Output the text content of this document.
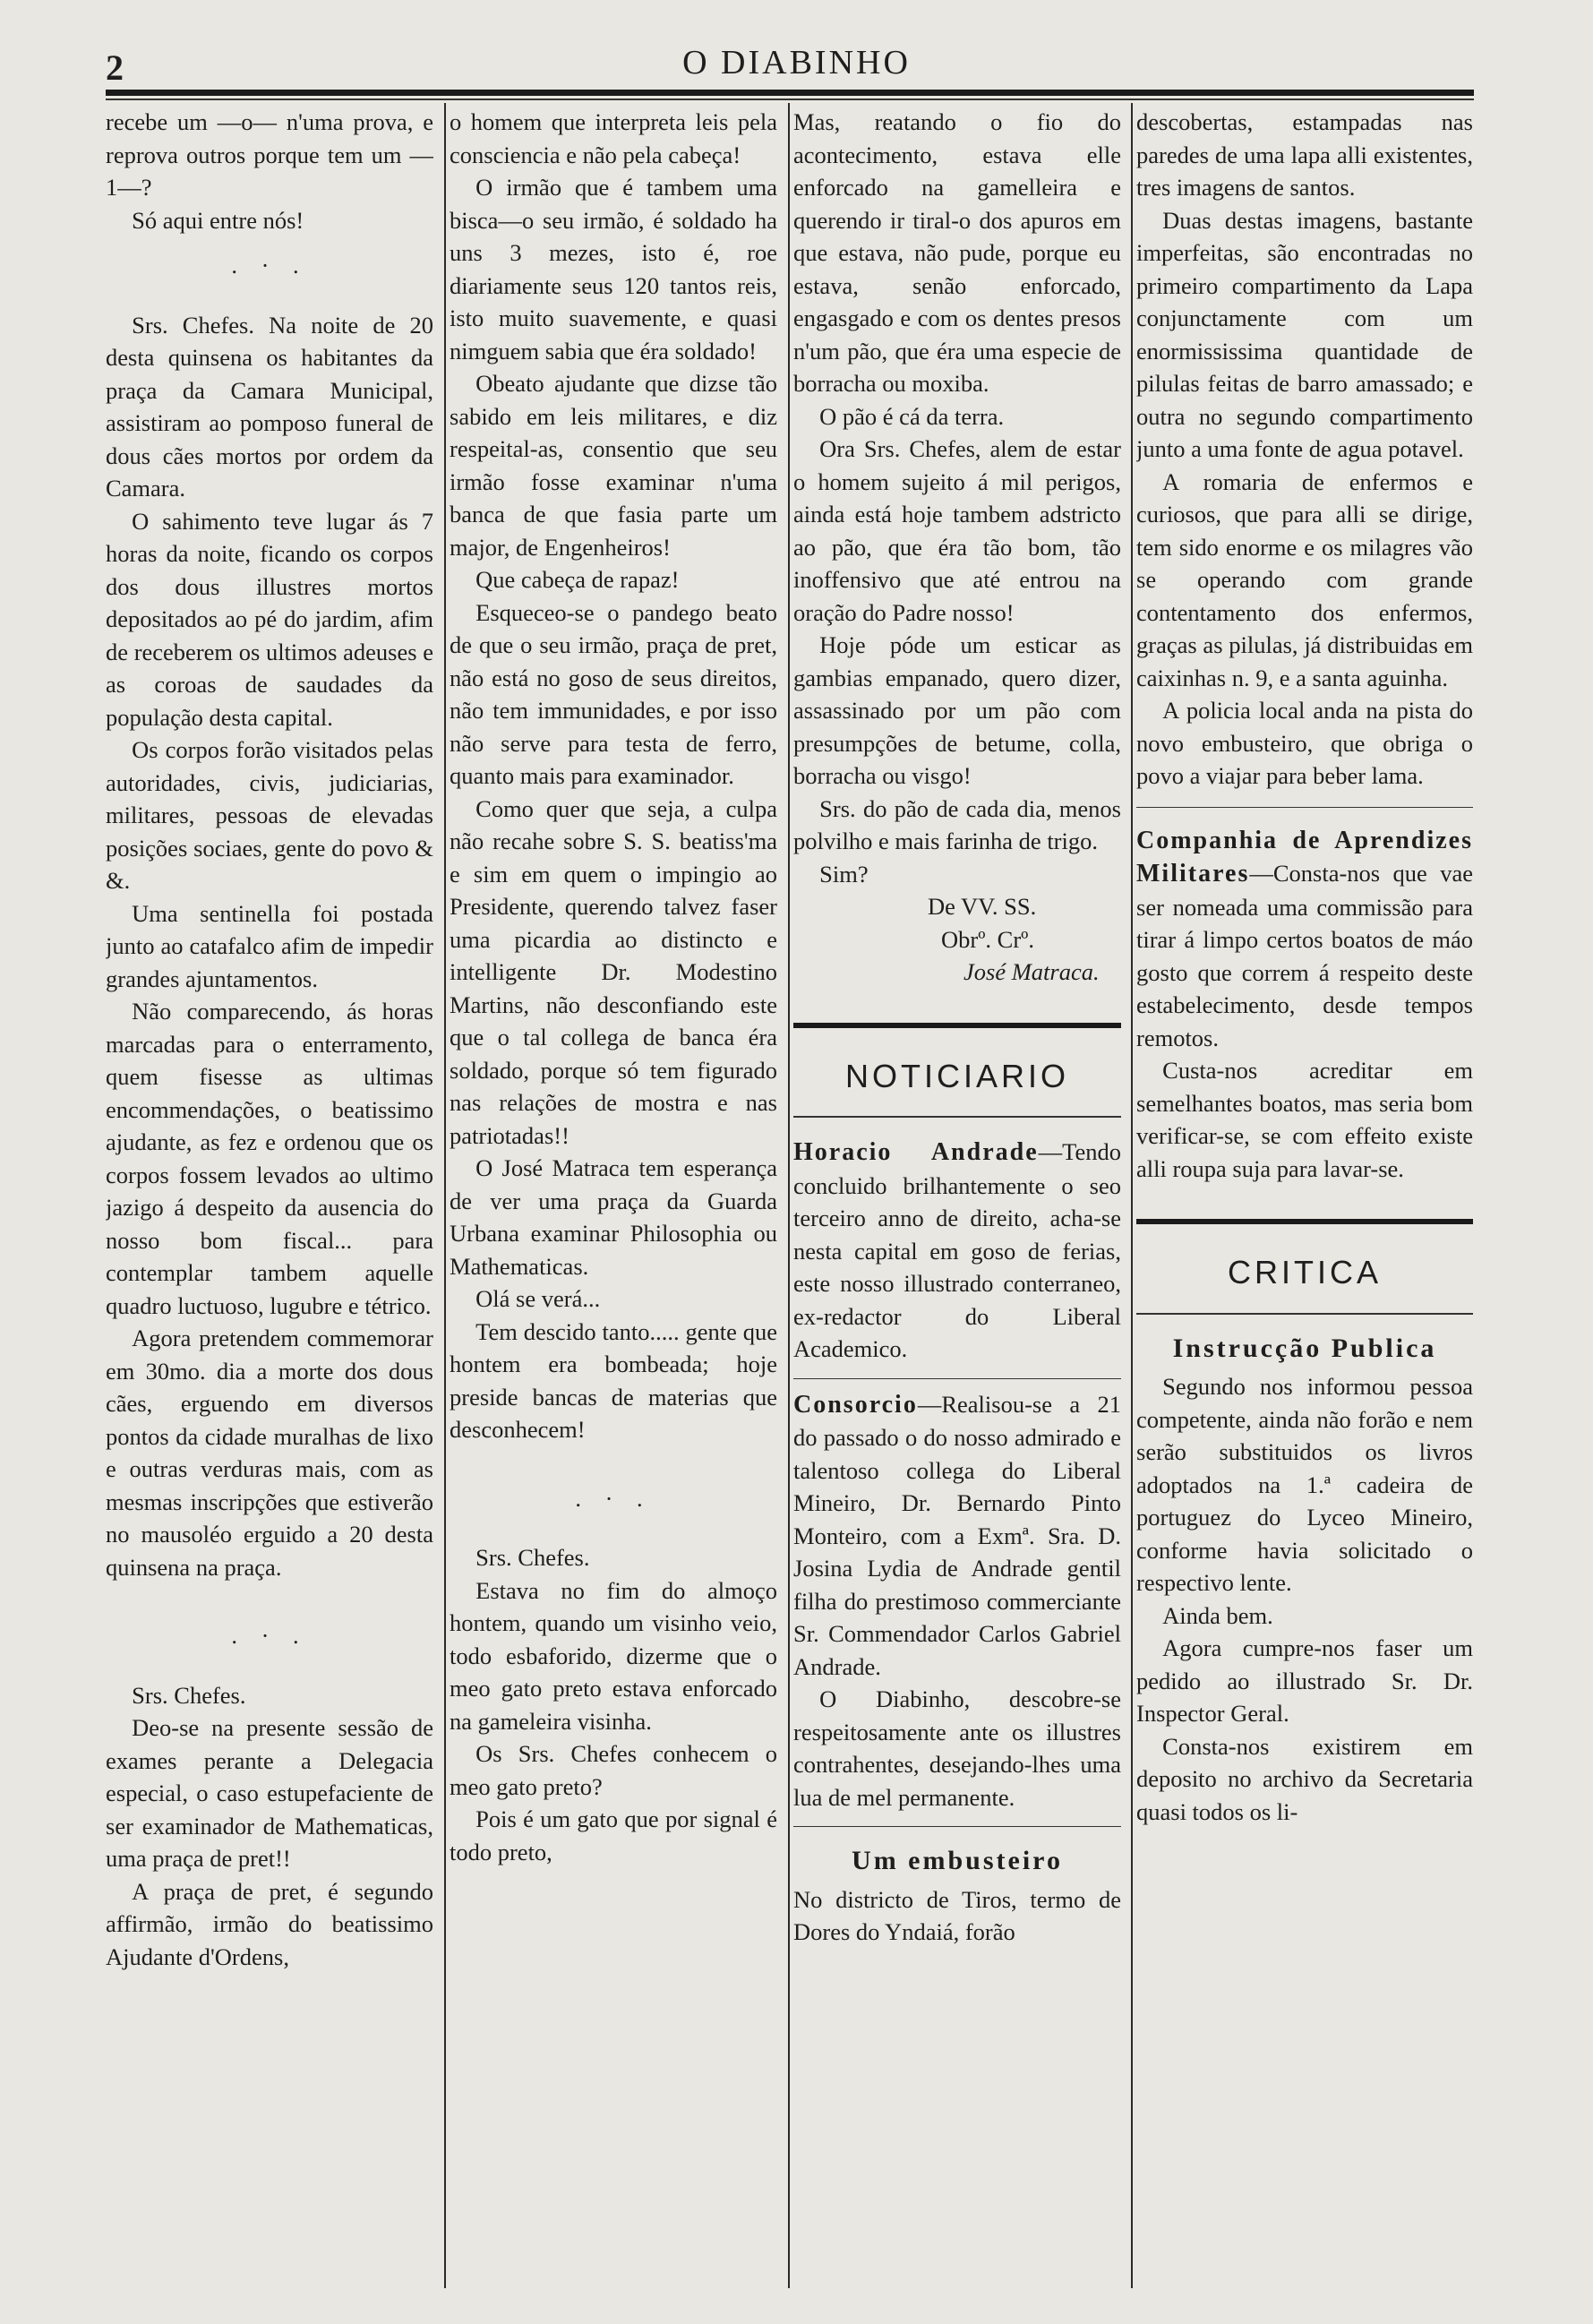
2	O DIABINHO

recebe um —o— n'uma prova, e reprova outros porque tem um —1—?

Só aqui entre nós!

. · .

Srs. Chefes. Na noite de 20 desta quinsena os habitantes da praça da Camara Municipal, assistiram ao pomposo funeral de dous cães mortos por ordem da Camara.

O sahimento teve lugar ás 7 horas da noite, ficando os corpos dos dous illustres mortos depositados ao pé do jardim, afim de receberem os ultimos adeuses e as coroas de saudades da população desta capital.

Os corpos forão visitados pelas autoridades, civis, judiciarias, militares, pessoas de elevadas posições sociaes, gente do povo & &.

Uma sentinella foi postada junto ao catafalco afim de impedir grandes ajuntamentos.

Não comparecendo, ás horas marcadas para o enterramento, quem fisesse as ultimas encommendações, o beatissimo ajudante, as fez e ordenou que os corpos fossem levados ao ultimo jazigo á despeito da ausencia do nosso bom fiscal... para contemplar tambem aquelle quadro luctuoso, lugubre e tétrico.

Agora pretendem commemorar em 30mo. dia a morte dos dous cães, erguendo em diversos pontos da cidade muralhas de lixo e outras verduras mais, com as mesmas inscripções que estiverão no mausoléo erguido a 20 desta quinsena na praça.

. · .

Srs. Chefes.

Deo-se na presente sessão de exames perante a Delegacia especial, o caso estupefaciente de ser examinador de Mathematicas, uma praça de pret!!

A praça de pret, é segundo affirmão, irmão do beatissimo Ajudante d'Ordens,

o homem que interpreta leis pela consciencia e não pela cabeça!

O irmão que é tambem uma bisca—o seu irmão, é soldado ha uns 3 mezes, isto é, roe diariamente seus 120 tantos reis, isto muito suavemente, e quasi nimguem sabia que éra soldado!

Obeato ajudante que dizse tão sabido em leis militares, e diz respeital-as, consentio que seu irmão fosse examinar n'uma banca de que fasia parte um major, de Engenheiros!

Que cabeça de rapaz!

Esqueceo-se o pandego beato de que o seu irmão, praça de pret, não está no goso de seus direitos, não tem immunidades, e por isso não serve para testa de ferro, quanto mais para examinador.

Como quer que seja, a culpa não recahe sobre S. S. beatiss'ma e sim em quem o impingio ao Presidente, querendo talvez faser uma picardia ao distincto e intelligente Dr. Modestino Martins, não desconfiando este que o tal collega de banca éra soldado, porque só tem figurado nas relações de mostra e nas patriotadas!!

O José Matraca tem esperança de ver uma praça da Guarda Urbana examinar Philosophia ou Mathematicas.

Olá se verá...

Tem descido tanto..... gente que hontem era bombeada; hoje preside bancas de materias que desconhecem!

. · .

Srs. Chefes.

Estava no fim do almoço hontem, quando um visinho veio, todo esbaforido, dizerme que o meo gato preto estava enforcado na gameleira visinha.

Os Srs. Chefes conhecem o meo gato preto?

Pois é um gato que por signal é todo preto,

Mas, reatando o fio do acontecimento, estava elle enforcado na gamelleira e querendo ir tiral-o dos apuros em que estava, não pude, porque eu estava, senão enforcado, engasgado e com os dentes presos n'um pão, que éra uma especie de borracha ou moxiba.

O pão é cá da terra.

Ora Srs. Chefes, alem de estar o homem sujeito á mil perigos, ainda está hoje tambem adstricto ao pão, que éra tão bom, tão inoffensivo que até entrou na oração do Padre nosso!

Hoje póde um esticar as gambias empanado, quero dizer, assassinado por um pão com presumpções de betume, colla, borracha ou visgo!

Srs. do pão de cada dia, menos polvilho e mais farinha de trigo.

Sim?

De VV. SS.

Obrº. Crº.

José Matraca.

NOTICIARIO

Horacio Andrade—Tendo concluido brilhantemente o seo terceiro anno de direito, acha-se nesta capital em goso de ferias, este nosso illustrado conterraneo, ex-redactor do Liberal Academico.

Consorcio—Realisou-se a 21 do passado o do nosso admirado e talentoso collega do Liberal Mineiro, Dr. Bernardo Pinto Monteiro, com a Exmª. Sra. D. Josina Lydia de Andrade gentil filha do prestimoso commerciante Sr. Commendador Carlos Gabriel Andrade.

O Diabinho, descobre-se respeitosamente ante os illustres contrahentes, desejando-lhes uma lua de mel permanente.

Um embusteiro

No districto de Tiros, termo de Dores do Yndaiá, forão

descobertas, estampadas nas paredes de uma lapa alli existentes, tres imagens de santos.

Duas destas imagens, bastante imperfeitas, são encontradas no primeiro compartimento da Lapa conjunctamente com um enormississima quantidade de pilulas feitas de barro amassado; e outra no segundo compartimento junto a uma fonte de agua potavel.

A romaria de enfermos e curiosos, que para alli se dirige, tem sido enorme e os milagres vão se operando com grande contentamento dos enfermos, graças as pilulas, já distribuidas em caixinhas n. 9, e a santa aguinha.

A policia local anda na pista do novo embusteiro, que obriga o povo a viajar para beber lama.

Companhia de Aprendizes Militares—Consta-nos que vae ser nomeada uma commissão para tirar á limpo certos boatos de máo gosto que correm á respeito deste estabelecimento, desde tempos remotos.

Custa-nos acreditar em semelhantes boatos, mas seria bom verificar-se, se com effeito existe alli roupa suja para lavar-se.

CRITICA
Instrucção Publica

Segundo nos informou pessoa competente, ainda não forão e nem serão substituidos os livros adoptados na 1.ª cadeira de portuguez do Lyceo Mineiro, conforme havia solicitado o respectivo lente.

Ainda bem.

Agora cumpre-nos faser um pedido ao illustrado Sr. Dr. Inspector Geral.

Consta-nos existirem em deposito no archivo da Secretaria quasi todos os li-
